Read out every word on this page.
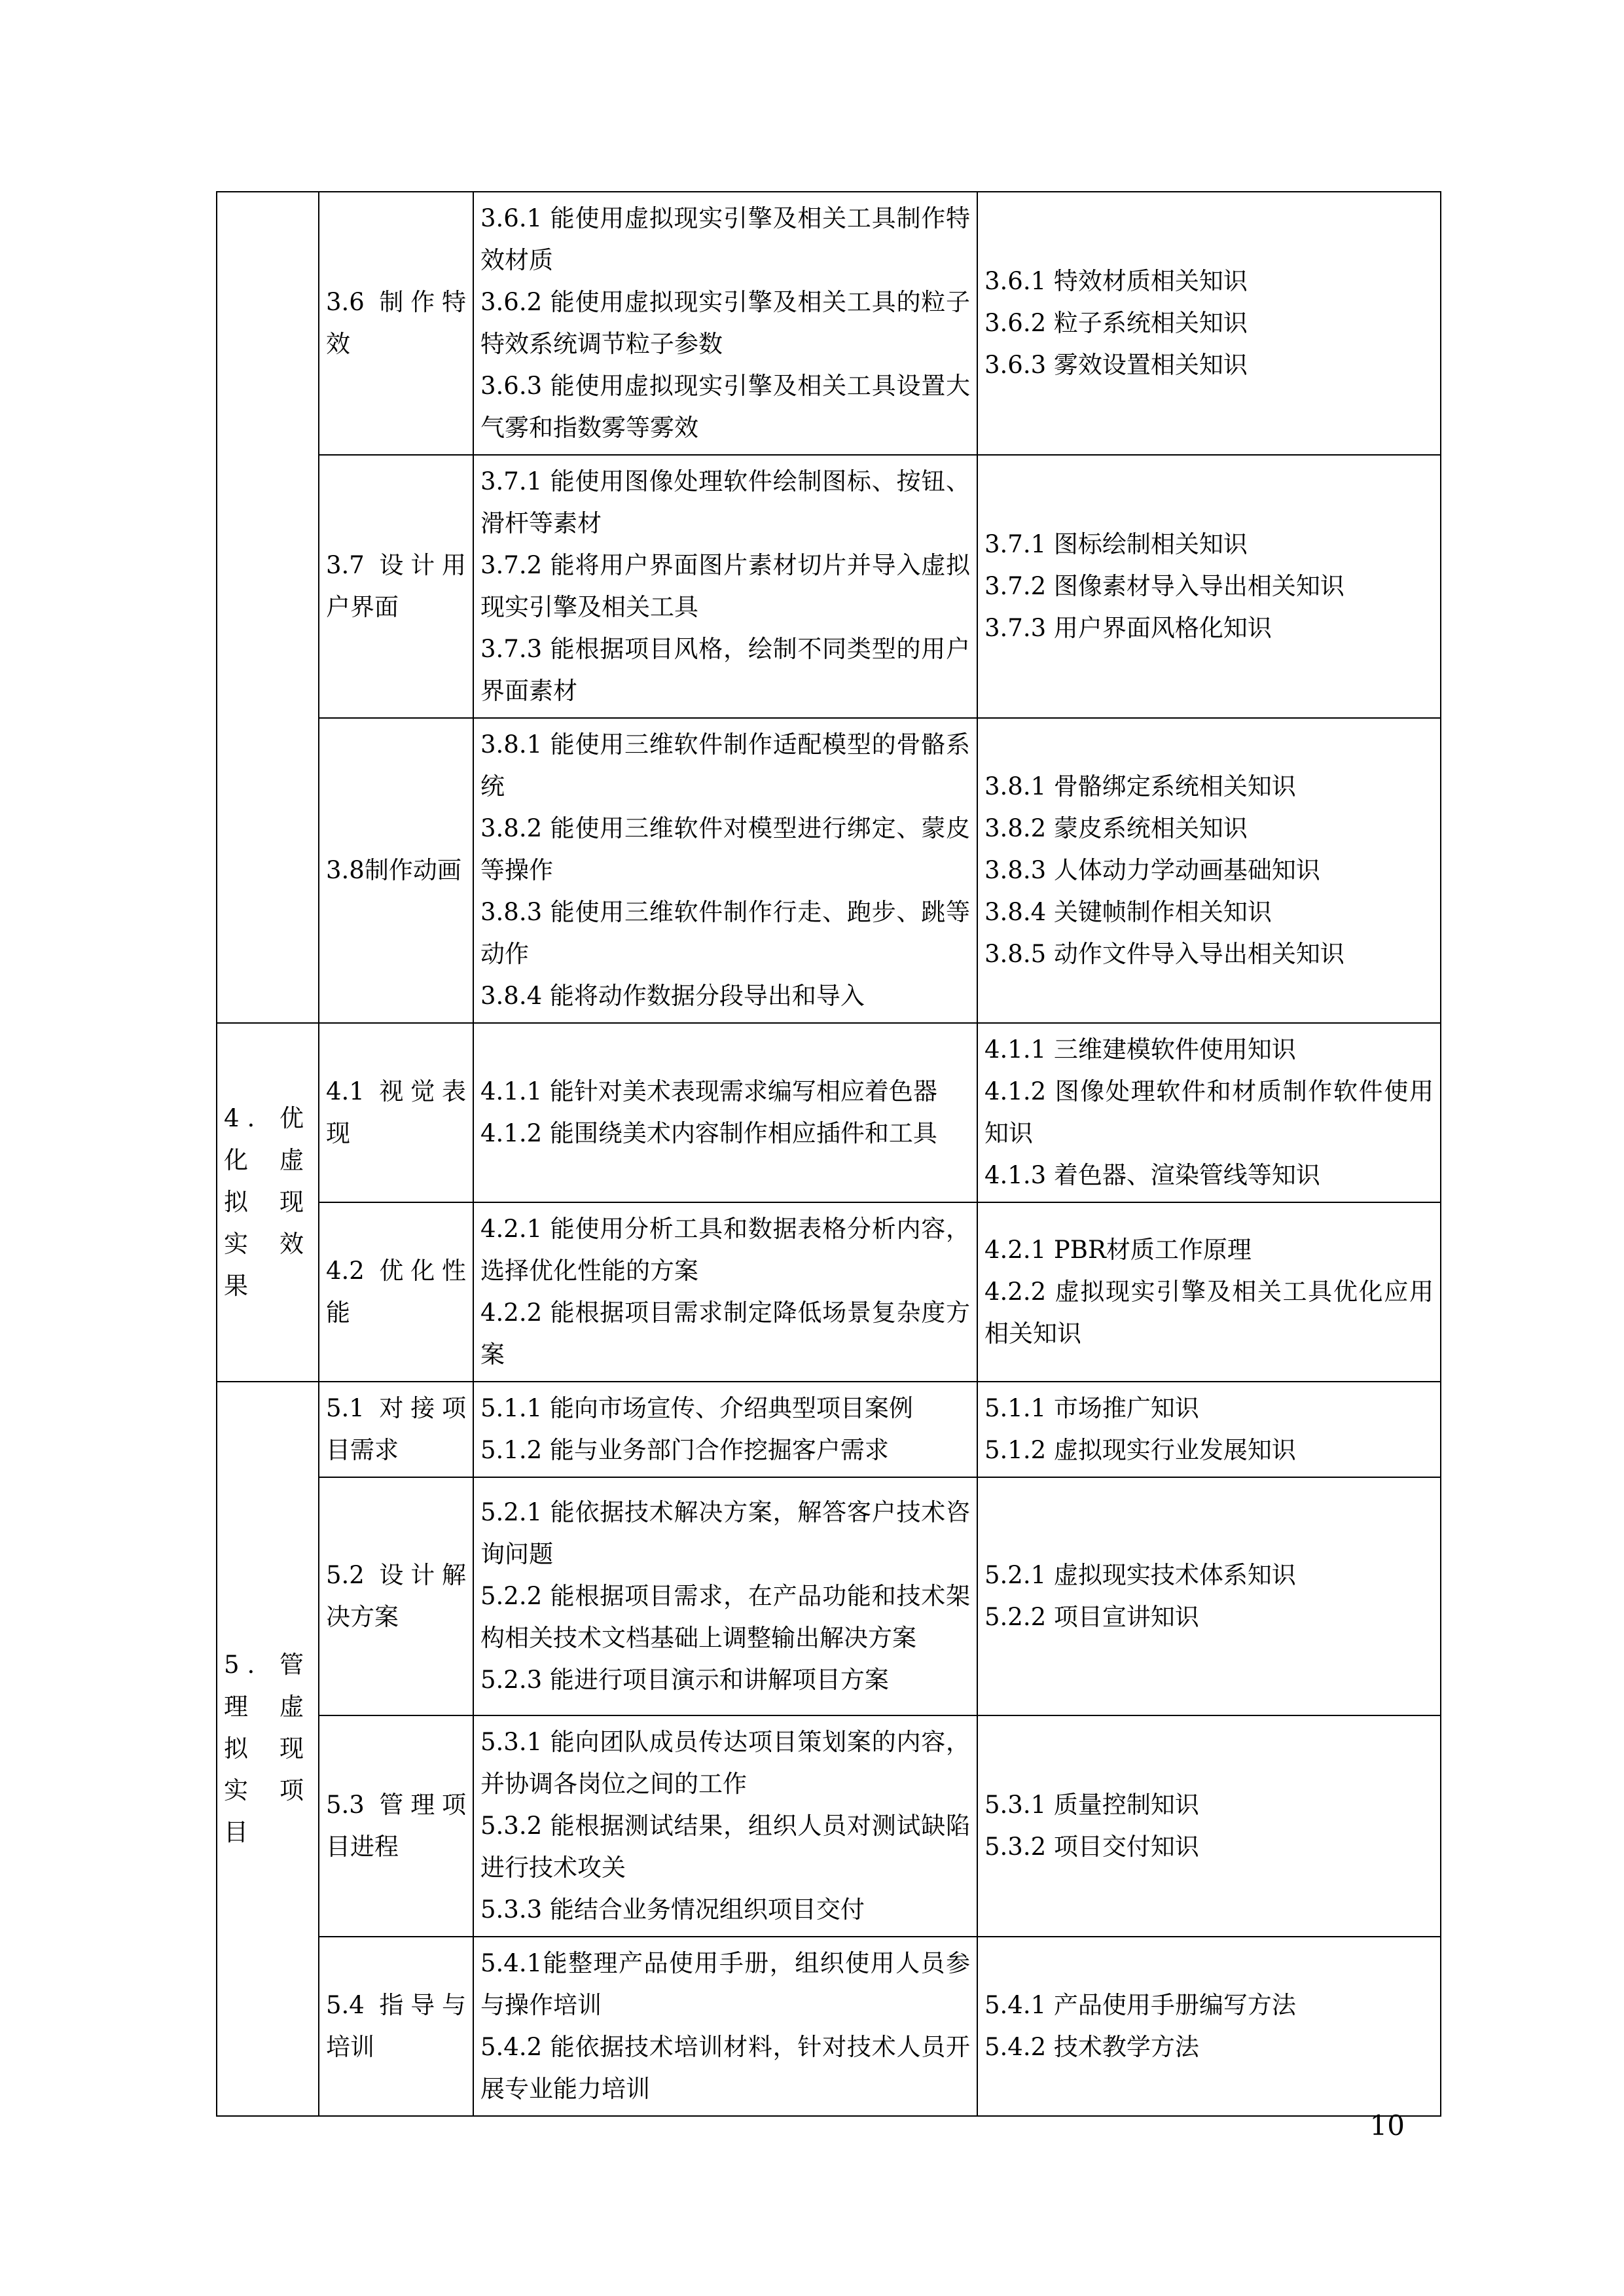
	3.6 制作特效	3.6.1 能使用虚拟现实引擎及相关工具制作特效材质
3.6.2 能使用虚拟现实引擎及相关工具的粒子特效系统调节粒子参数
3.6.3 能使用虚拟现实引擎及相关工具设置大气雾和指数雾等雾效	3.6.1 特效材质相关知识
3.6.2 粒子系统相关知识
3.6.3 雾效设置相关知识

	3.7 设计用户界面	3.7.1 能使用图像处理软件绘制图标、按钮、滑杆等素材
3.7.2 能将用户界面图片素材切片并导入虚拟现实引擎及相关工具
3.7.3 能根据项目风格，绘制不同类型的用户界面素材	3.7.1 图标绘制相关知识
3.7.2 图像素材导入导出相关知识
3.7.3 用户界面风格化知识

	3.8制作动画	3.8.1 能使用三维软件制作适配模型的骨骼系统
3.8.2 能使用三维软件对模型进行绑定、蒙皮等操作
3.8.3 能使用三维软件制作行走、跑步、跳等动作
3.8.4 能将动作数据分段导出和导入	3.8.1 骨骼绑定系统相关知识
3.8.2 蒙皮系统相关知识
3.8.3 人体动力学动画基础知识
3.8.4 关键帧制作相关知识
3.8.5 动作文件导入导出相关知识

4. 优化虚拟现实效果	4.1 视觉表现	4.1.1 能针对美术表现需求编写相应着色器
4.1.2 能围绕美术内容制作相应插件和工具	4.1.1 三维建模软件使用知识
4.1.2 图像处理软件和材质制作软件使用知识
4.1.3 着色器、渲染管线等知识

	4.2 优化性能	4.2.1 能使用分析工具和数据表格分析内容，选择优化性能的方案
4.2.2 能根据项目需求制定降低场景复杂度方案	4.2.1 PBR材质工作原理
4.2.2 虚拟现实引擎及相关工具优化应用相关知识

5. 管理虚拟现实项目	5.1 对接项目需求	5.1.1 能向市场宣传、介绍典型项目案例
5.1.2 能与业务部门合作挖掘客户需求	5.1.1 市场推广知识
5.1.2 虚拟现实行业发展知识

	5.2 设计解决方案	5.2.1 能依据技术解决方案，解答客户技术咨询问题
5.2.2 能根据项目需求，在产品功能和技术架构相关技术文档基础上调整输出解决方案
5.2.3 能进行项目演示和讲解项目方案	5.2.1 虚拟现实技术体系知识
5.2.2 项目宣讲知识

	5.3 管理项目进程	5.3.1 能向团队成员传达项目策划案的内容，并协调各岗位之间的工作
5.3.2 能根据测试结果，组织人员对测试缺陷进行技术攻关
5.3.3 能结合业务情况组织项目交付	5.3.1 质量控制知识
5.3.2 项目交付知识

	5.4 指导与培训	5.4.1能整理产品使用手册，组织使用人员参与操作培训
5.4.2 能依据技术培训材料，针对技术人员开展专业能力培训	5.4.1 产品使用手册编写方法
5.4.2 技术教学方法
10
